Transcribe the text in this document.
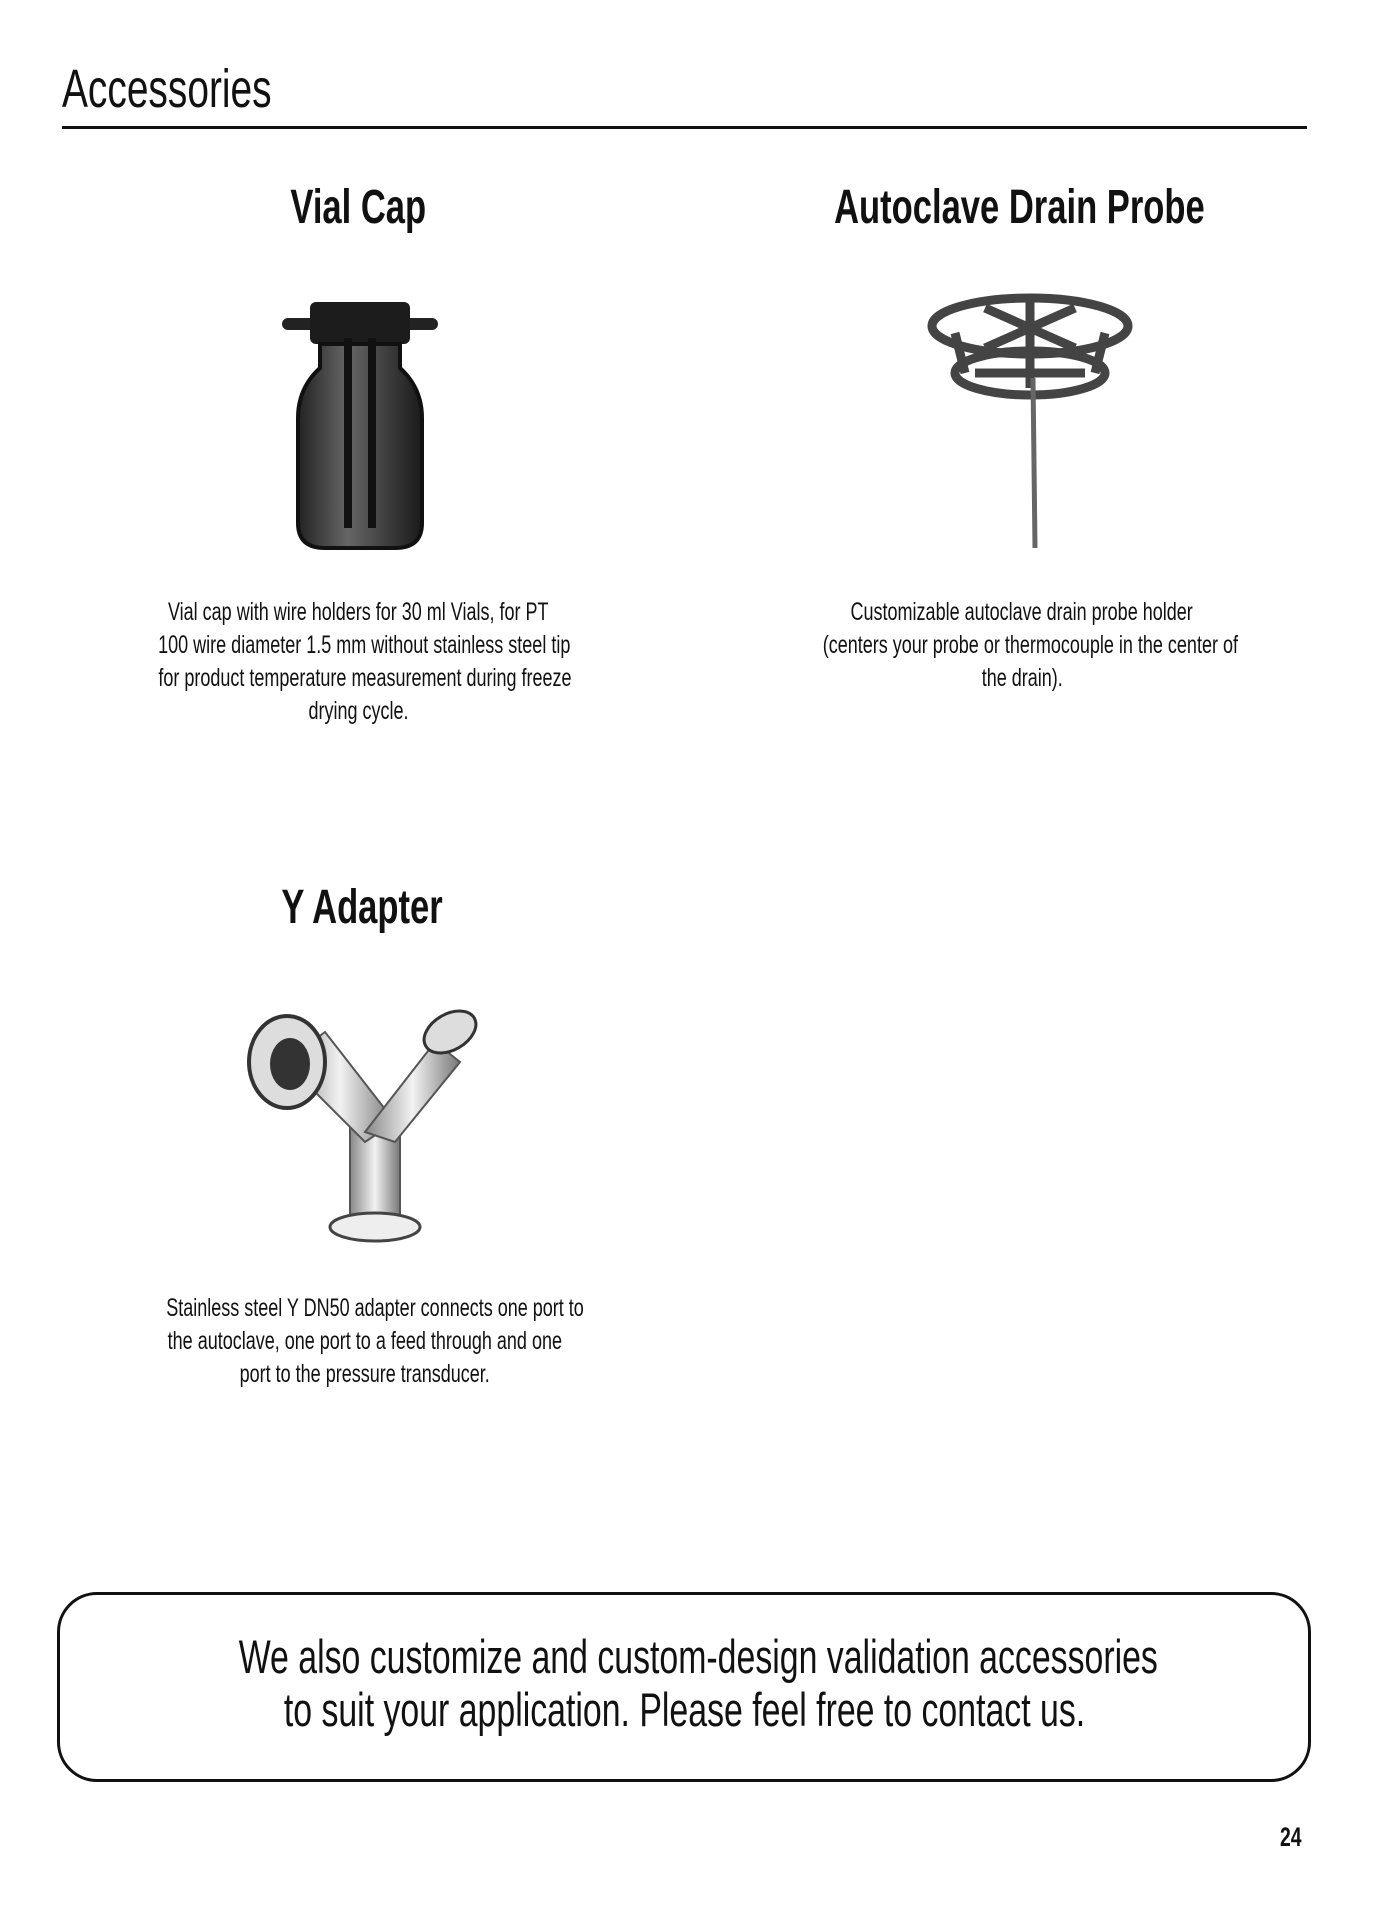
Accessories
Vial Cap
Vial cap with wire holders for 30 ml Vials, for PT
100 wire diameter 1.5 mm without stainless steel tip
for product temperature measurement during freeze
drying cycle.
Autoclave Drain Probe
Customizable autoclave drain probe holder
(centers your probe or thermocouple in the center of
the drain).
Y Adapter
Stainless steel Y DN50 adapter connects one port to
the autoclave, one port to a feed through and one
port to the pressure transducer.
We also customize and custom-design validation accessories
to suit your application. Please feel free to contact us.
24
